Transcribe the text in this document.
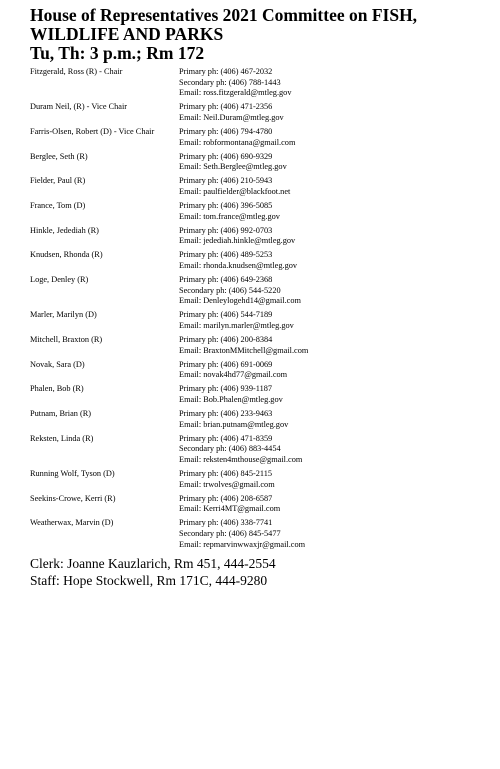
House of Representatives 2021 Committee on FISH,
WILDLIFE AND PARKS
Tu, Th: 3 p.m.; Rm 172
Fitzgerald, Ross (R) - Chair	Primary ph: (406) 467-2032
Secondary ph: (406) 788-1443
Email: ross.fitzgerald@mtleg.gov
Duram Neil, (R) - Vice Chair	Primary ph: (406) 471-2356
Email: Neil.Duram@mtleg.gov
Farris-Olsen, Robert (D) - Vice Chair	Primary ph: (406) 794-4780
Email: robformontana@gmail.com
Berglee, Seth (R)	Primary ph: (406) 690-9329
Email: Seth.Berglee@mtleg.gov
Fielder, Paul (R)	Primary ph: (406) 210-5943
Email: paulfielder@blackfoot.net
France, Tom (D)	Primary ph: (406) 396-5085
Email: tom.france@mtleg.gov
Hinkle, Jedediah (R)	Primary ph: (406) 992-0703
Email: jedediah.hinkle@mtleg.gov
Knudsen, Rhonda (R)	Primary ph: (406) 489-5253
Email: rhonda.knudsen@mtleg.gov
Loge, Denley (R)	Primary ph: (406) 649-2368
Secondary ph: (406) 544-5220
Email: Denleylogehd14@gmail.com
Marler, Marilyn (D)	Primary ph: (406) 544-7189
Email: marilyn.marler@mtleg.gov
Mitchell, Braxton (R)	Primary ph: (406) 200-8384
Email: BraxtonMMitchell@gmail.com
Novak, Sara (D)	Primary ph: (406) 691-0069
Email: novak4hd77@gmail.com
Phalen, Bob (R)	Primary ph: (406) 939-1187
Email: Bob.Phalen@mtleg.gov
Putnam, Brian (R)	Primary ph: (406) 233-9463
Email: brian.putnam@mtleg.gov
Reksten, Linda (R)	Primary ph: (406) 471-8359
Secondary ph: (406) 883-4454
Email: reksten4mthouse@gmail.com
Running Wolf, Tyson (D)	Primary ph: (406) 845-2115
Email: trwolves@gmail.com
Seekins-Crowe, Kerri (R)	Primary ph: (406) 208-6587
Email: Kerri4MT@gmail.com
Weatherwax, Marvin (D)	Primary ph: (406) 338-7741
Secondary ph: (406) 845-5477
Email: repmarvinwwaxjr@gmail.com
Clerk: Joanne Kauzlarich, Rm 451, 444-2554
Staff: Hope Stockwell, Rm 171C, 444-9280
